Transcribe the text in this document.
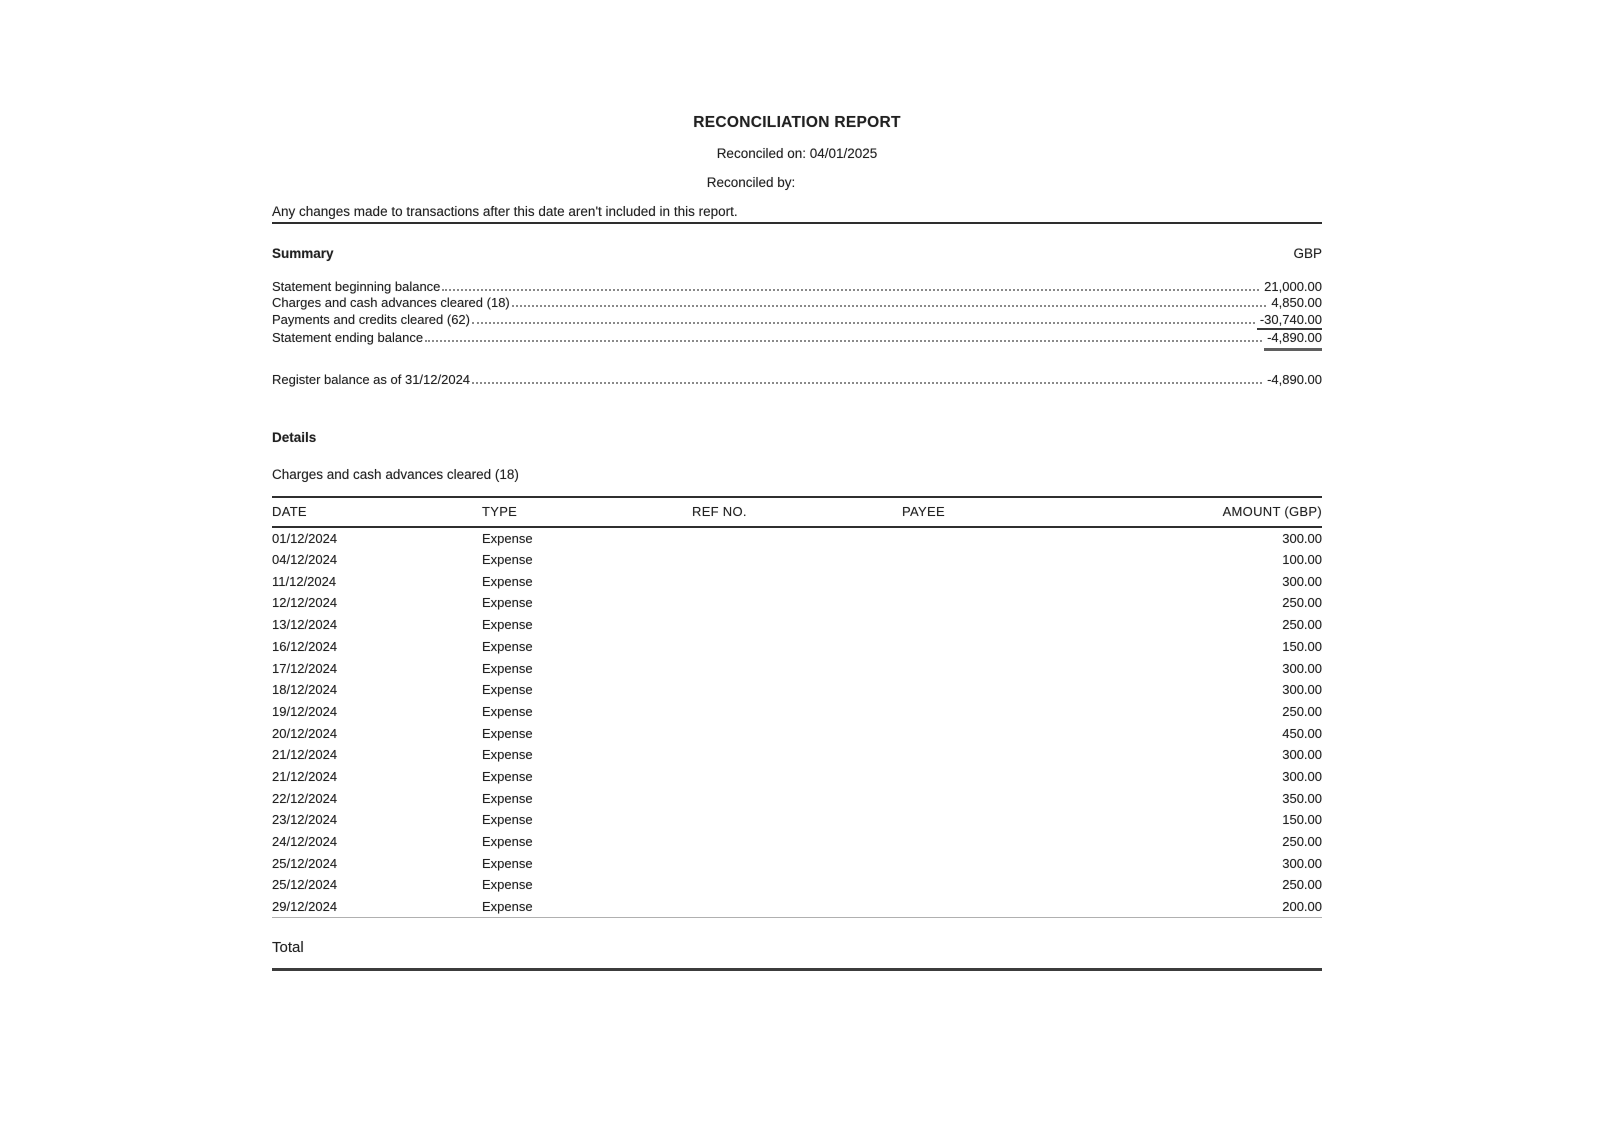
RECONCILIATION REPORT
Reconciled on: 04/01/2025
Reconciled by:
Any changes made to transactions after this date aren't included in this report.
Summary	GBP
Statement beginning balance	21,000.00
Charges and cash advances cleared (18)	4,850.00
Payments and credits cleared (62)	-30,740.00
Statement ending balance	-4,890.00
Register balance as of 31/12/2024	-4,890.00
Details
Charges and cash advances cleared (18)
DATE	TYPE	REF NO.	PAYEE	AMOUNT (GBP)
01/12/2024	Expense			300.00
04/12/2024	Expense			100.00
11/12/2024	Expense			300.00
12/12/2024	Expense			250.00
13/12/2024	Expense			250.00
16/12/2024	Expense			150.00
17/12/2024	Expense			300.00
18/12/2024	Expense			300.00
19/12/2024	Expense			250.00
20/12/2024	Expense			450.00
21/12/2024	Expense			300.00
21/12/2024	Expense			300.00
22/12/2024	Expense			350.00
23/12/2024	Expense			150.00
24/12/2024	Expense			250.00
25/12/2024	Expense			300.00
25/12/2024	Expense			250.00
29/12/2024	Expense			200.00
Total
